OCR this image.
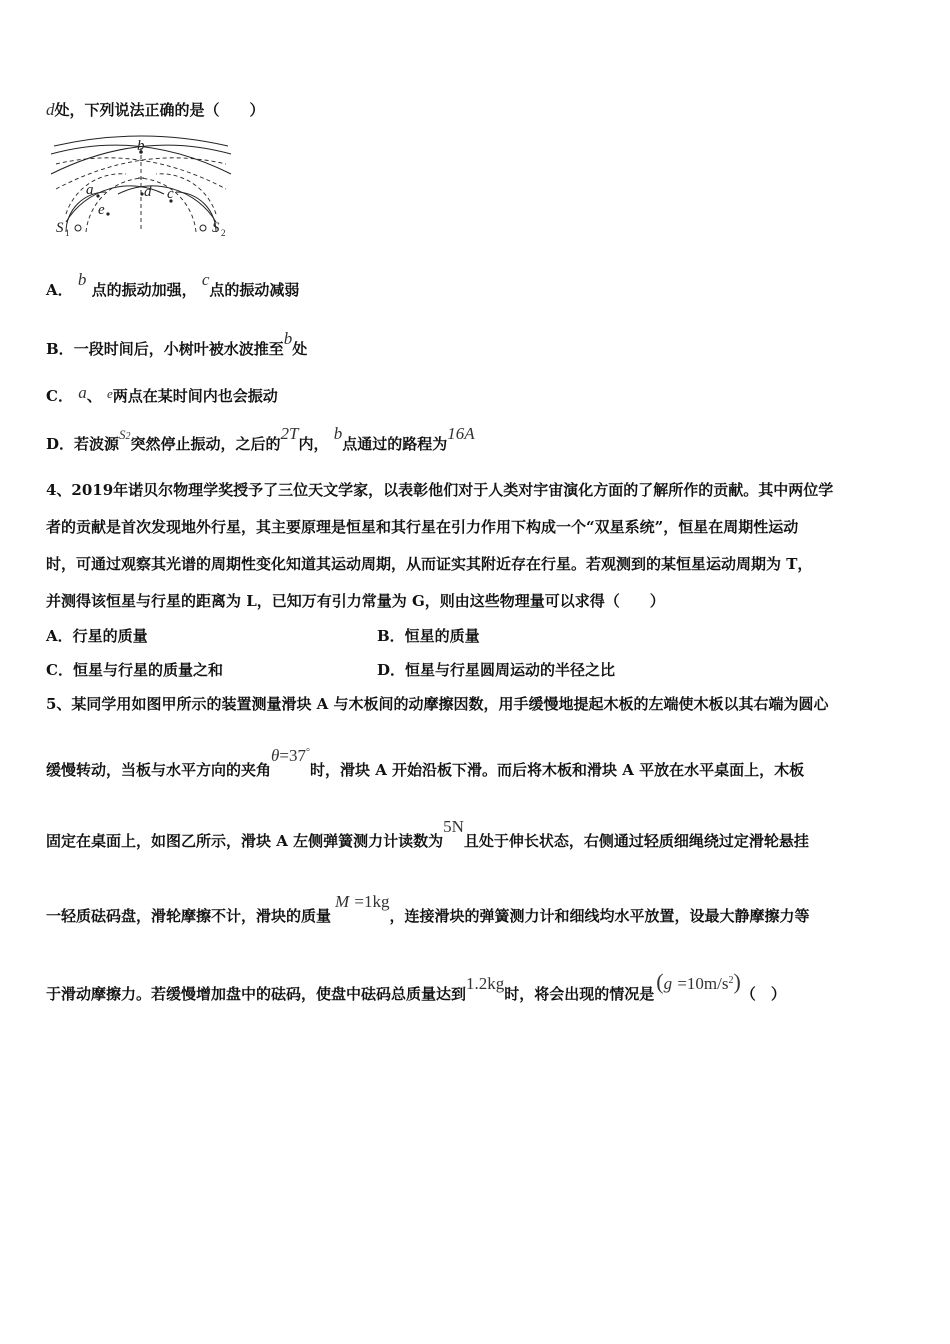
d处，下列说法正确的是（　　）
b
a	d c
e
S 1	S 2
A． b 点的振动加强， c点的振动减弱
B．一段时间后，小树叶被水波推至b处
C． a、 e两点在某时间内也会振动
D．若波源S2突然停止振动，之后的2T内， b点通过的路程为16A
4、2019年诺贝尔物理学奖授予了三位天文学家，以表彰他们对于人类对宇宙演化方面的了解所作的贡献。其中两位学
者的贡献是首次发现地外行星，其主要原理是恒星和其行星在引力作用下构成一个“双星系统”，恒星在周期性运动
时，可通过观察其光谱的周期性变化知道其运动周期，从而证实其附近存在行星。若观测到的某恒星运动周期为 T，
并测得该恒星与行星的距离为 L，已知万有引力常量为 G，则由这些物理量可以求得（　　）
A．行星的质量	B．恒星的质量
C．恒星与行星的质量之和	D．恒星与行星圆周运动的半径之比
5、某同学用如图甲所示的装置测量滑块 A 与木板间的动摩擦因数，用手缓慢地提起木板的左端使木板以其右端为圆心
缓慢转动，当板与水平方向的夹角θ=37°时，滑块 A 开始沿板下滑。而后将木板和滑块 A 平放在水平桌面上，木板
固定在桌面上，如图乙所示，滑块 A 左侧弹簧测力计读数为5N且处于伸长状态，右侧通过轻质细绳绕过定滑轮悬挂
一轻质砝码盘，滑轮摩擦不计，滑块的质量M =1kg，连接滑块的弹簧测力计和细线均水平放置，设最大静摩擦力等
于滑动摩擦力。若缓慢增加盘中的砝码，使盘中砝码总质量达到1.2kg时，将会出现的情况是$(g =10m/s^2)$（　）
